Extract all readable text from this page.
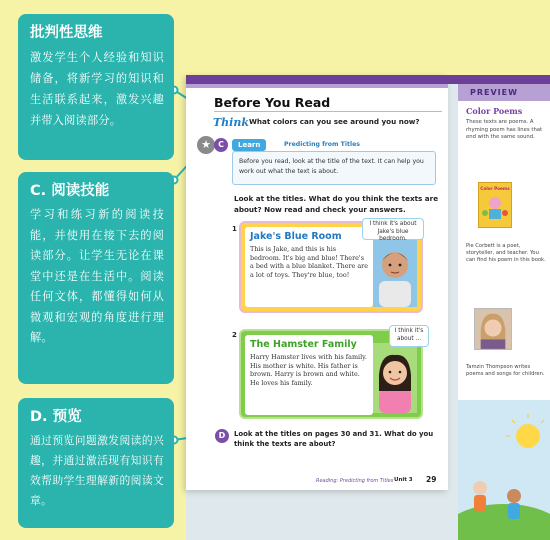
批判性思维
激发学生个人经验和知识储备，将新学习的知识和生活联系起来，激发兴趣并带入阅读部分。
C. 阅读技能
学习和练习新的阅读技能，并使用在接下去的阅读部分。让学生无论在课堂中还是在生活中。阅读任何文体，都懂得如何从微观和宏观的角度进行理解。
D. 预览
通过预览问题激发阅读的兴趣，并通过激活现有知识有效帮助学生理解新的阅读文章。
Before You Read
Think What colors can you see around you now?
★ C	Learn	Predicting from Titles
Before you read, look at the title of the text. It can help you work out what the text is about.
Look at the titles. What do you think the texts are about? Now read and check your answers.
1
Jake's Blue Room
This is Jake, and this is his bedroom. It's big and blue! There's a bed with a blue blanket. There are a lot of toys. They're blue, too!
I think it's about Jake's blue bedroom.
2
The Hamster Family
Harry Hamster lives with his family. His mother is white. His father is brown. Harry is brown and white. He loves his family.
I think it's about ...
D	Look at the titles on pages 30 and 31. What do you think the texts are about?
Reading: Predicting from Titles Unit 3 29
PREVIEW
Color Poems
These texts are poems. A rhyming poem has lines that end with the same sound.
Color Poems
Pie Corbett is a poet, storyteller, and teacher. You can find his poem in this book.
Tamzin Thompson writes poems and songs for children.
